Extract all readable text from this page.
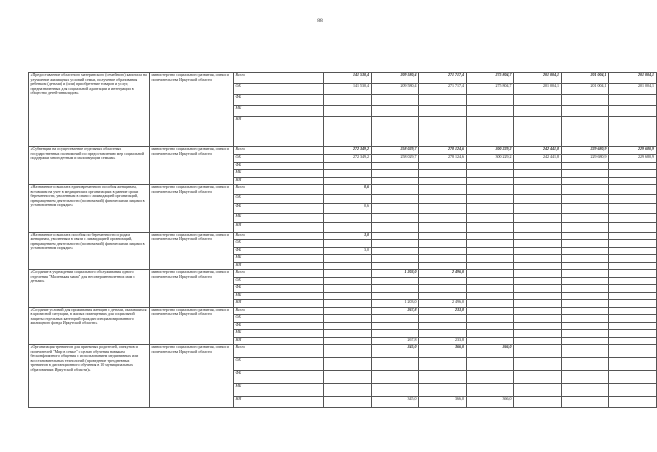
88
«Предоставление областного материнского (семейного) капитала на улучшение жилищных условий семьи, получение образования ребенком (детьми) и (или) приобретение товаров и услуг, предназначенных для социальной адаптации и интеграции в общество детей-инвалидов»	министерство социального развития, опеки и попечительства Иркутской области	Всего	141 530,4	209 580,4	271 717,4	275 804,7	201 004,1	201 004,1	201 004,1
		ОБ	141 530,4	209 580,4	271 717,4	275 804,7	201 004,1	201 004,1	201 004,1
		ФБ							
		МБ							
		ИИ							
«Субвенции на осуществление отдельных областных государственных полномочий по предоставлению мер социальной поддержки многодетным и малоимущим семьям»	министерство социального развития, опеки и попечительства Иркутской области	Всего	272 349,2	258 029,7	278 124,6	300 229,2	242 441,8	229 680,9	229 680,9
		ОБ	272 349,2	258 029,7	278 124,6	300 229,2	242 441,8	229 680,9	229 680,9
		ФБ							
		МБ							
		ИИ							
«Назначение и выплата единовременного пособия женщинам, вставшим на учет в медицинских организациях в ранние сроки беременности, уволенным в связи с ликвидацией организаций, прекращением деятельности (полномочий) физическими лицами в установленном порядке»	министерство социального развития, опеки и попечительства Иркутской области	Всего	0,6						
		ОБ							
		ФБ	0,6						
		МБ							
		ИИ							
«Назначение и выплата пособия по беременности и родам женщинам, уволенным в связи с ликвидацией организаций, прекращением деятельности (полномочий) физическими лицами в установленном порядке»	министерство социального развития, опеки и попечительства Иркутской области	Всего	3,0						
		ОБ							
		ФБ	3,0						
		МБ							
		ИИ							
«Создание в учреждении социального обслуживания одного отделения "Маленькая мама" для несовершеннолетних мам с детьми»	министерство социального развития, опеки и попечительства Иркутской области	Всего		1 203,0	2 496,0				
		ОБ							
		ФБ							
		МБ							
		ИИ		1 203,0	2 496,0				
«Создание условий для проживания женщин с детьми, оказавшихся в кризисной ситуации, в жилых помещениях для социальной защиты отдельных категорий граждан специализированного жилищного фонда Иркутской области»	министерство социального развития, опеки и попечительства Иркутской области	Всего		267,8	233,8				
		ОБ							
		ФБ							
		МБ							
		ИИ		267,8	233,8				
«Организация тренингов для приемных родителей, опекунов и попечителей "Мир в семье" с целью обучения навыкам бесконфликтного общения с использованием медиативных или восстановительных технологий (проведение трехдневных тренингов в дистанционного обучения в 10 муниципальных образованиях Иркутской области)»	министерство социального развития, опеки и попечительства Иркутской области	Всего		345,0	366,0	366,0			
		ОБ							
		ФБ							
		МБ							
		ИИ		345,0	366,0	366,0			
